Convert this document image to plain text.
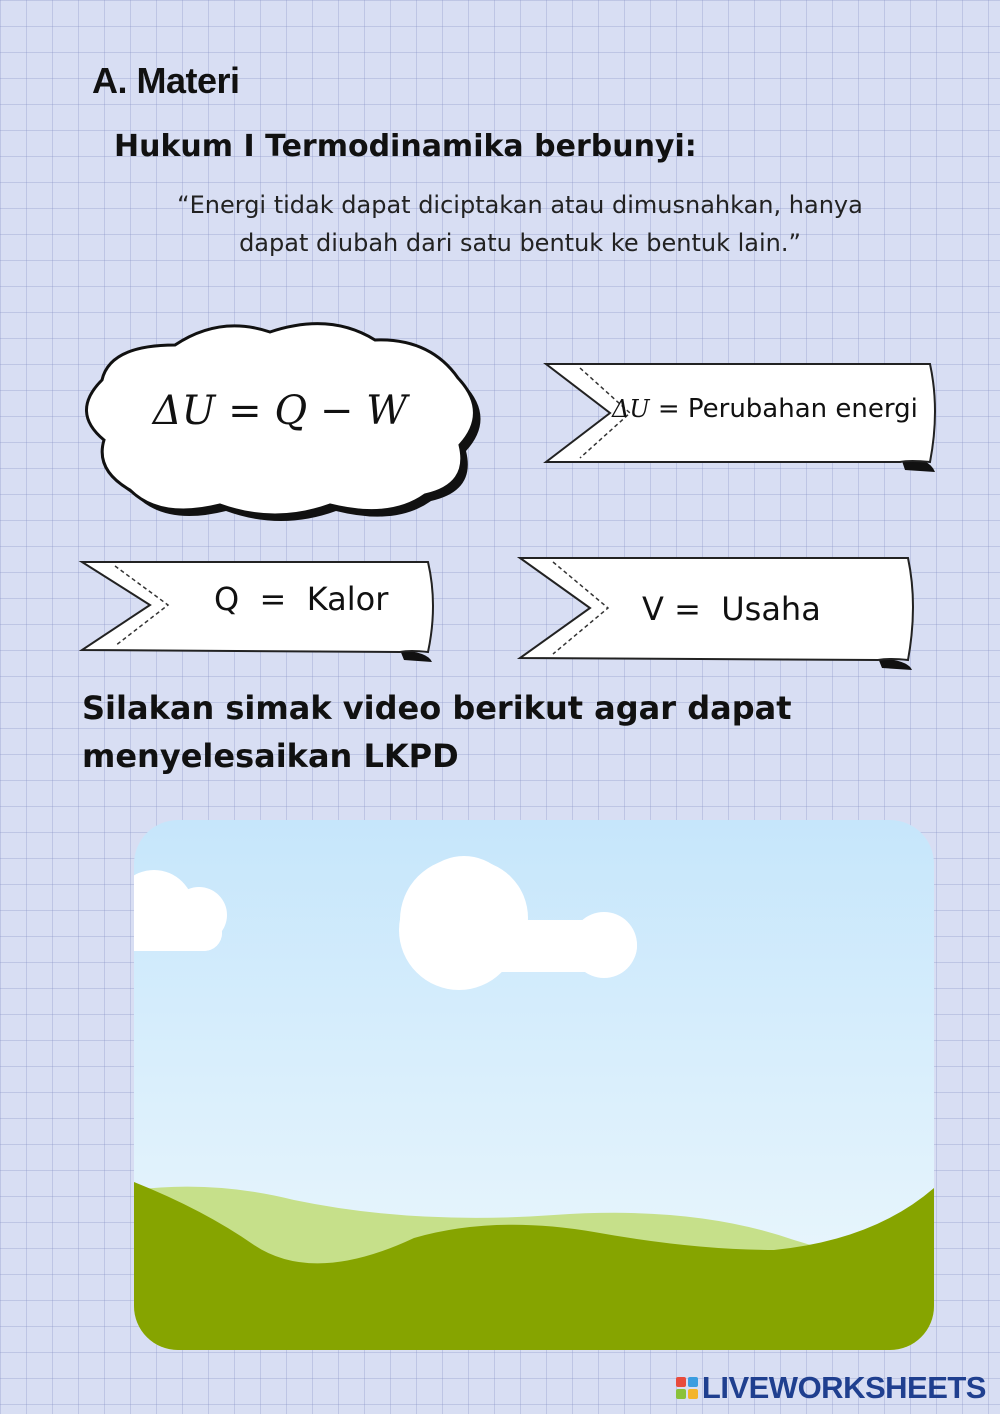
A. Materi
Hukum I Termodinamika berbunyi:
“Energi tidak dapat diciptakan atau dimusnahkan, hanya dapat diubah dari satu bentuk ke bentuk lain.”
ΔU = Q − W	ΔU = Perubahan energi
Q  =  Kalor	V =  Usaha
Silakan simak video berikut agar dapat menyelesaikan LKPD
LIVEWORKSHEETS
